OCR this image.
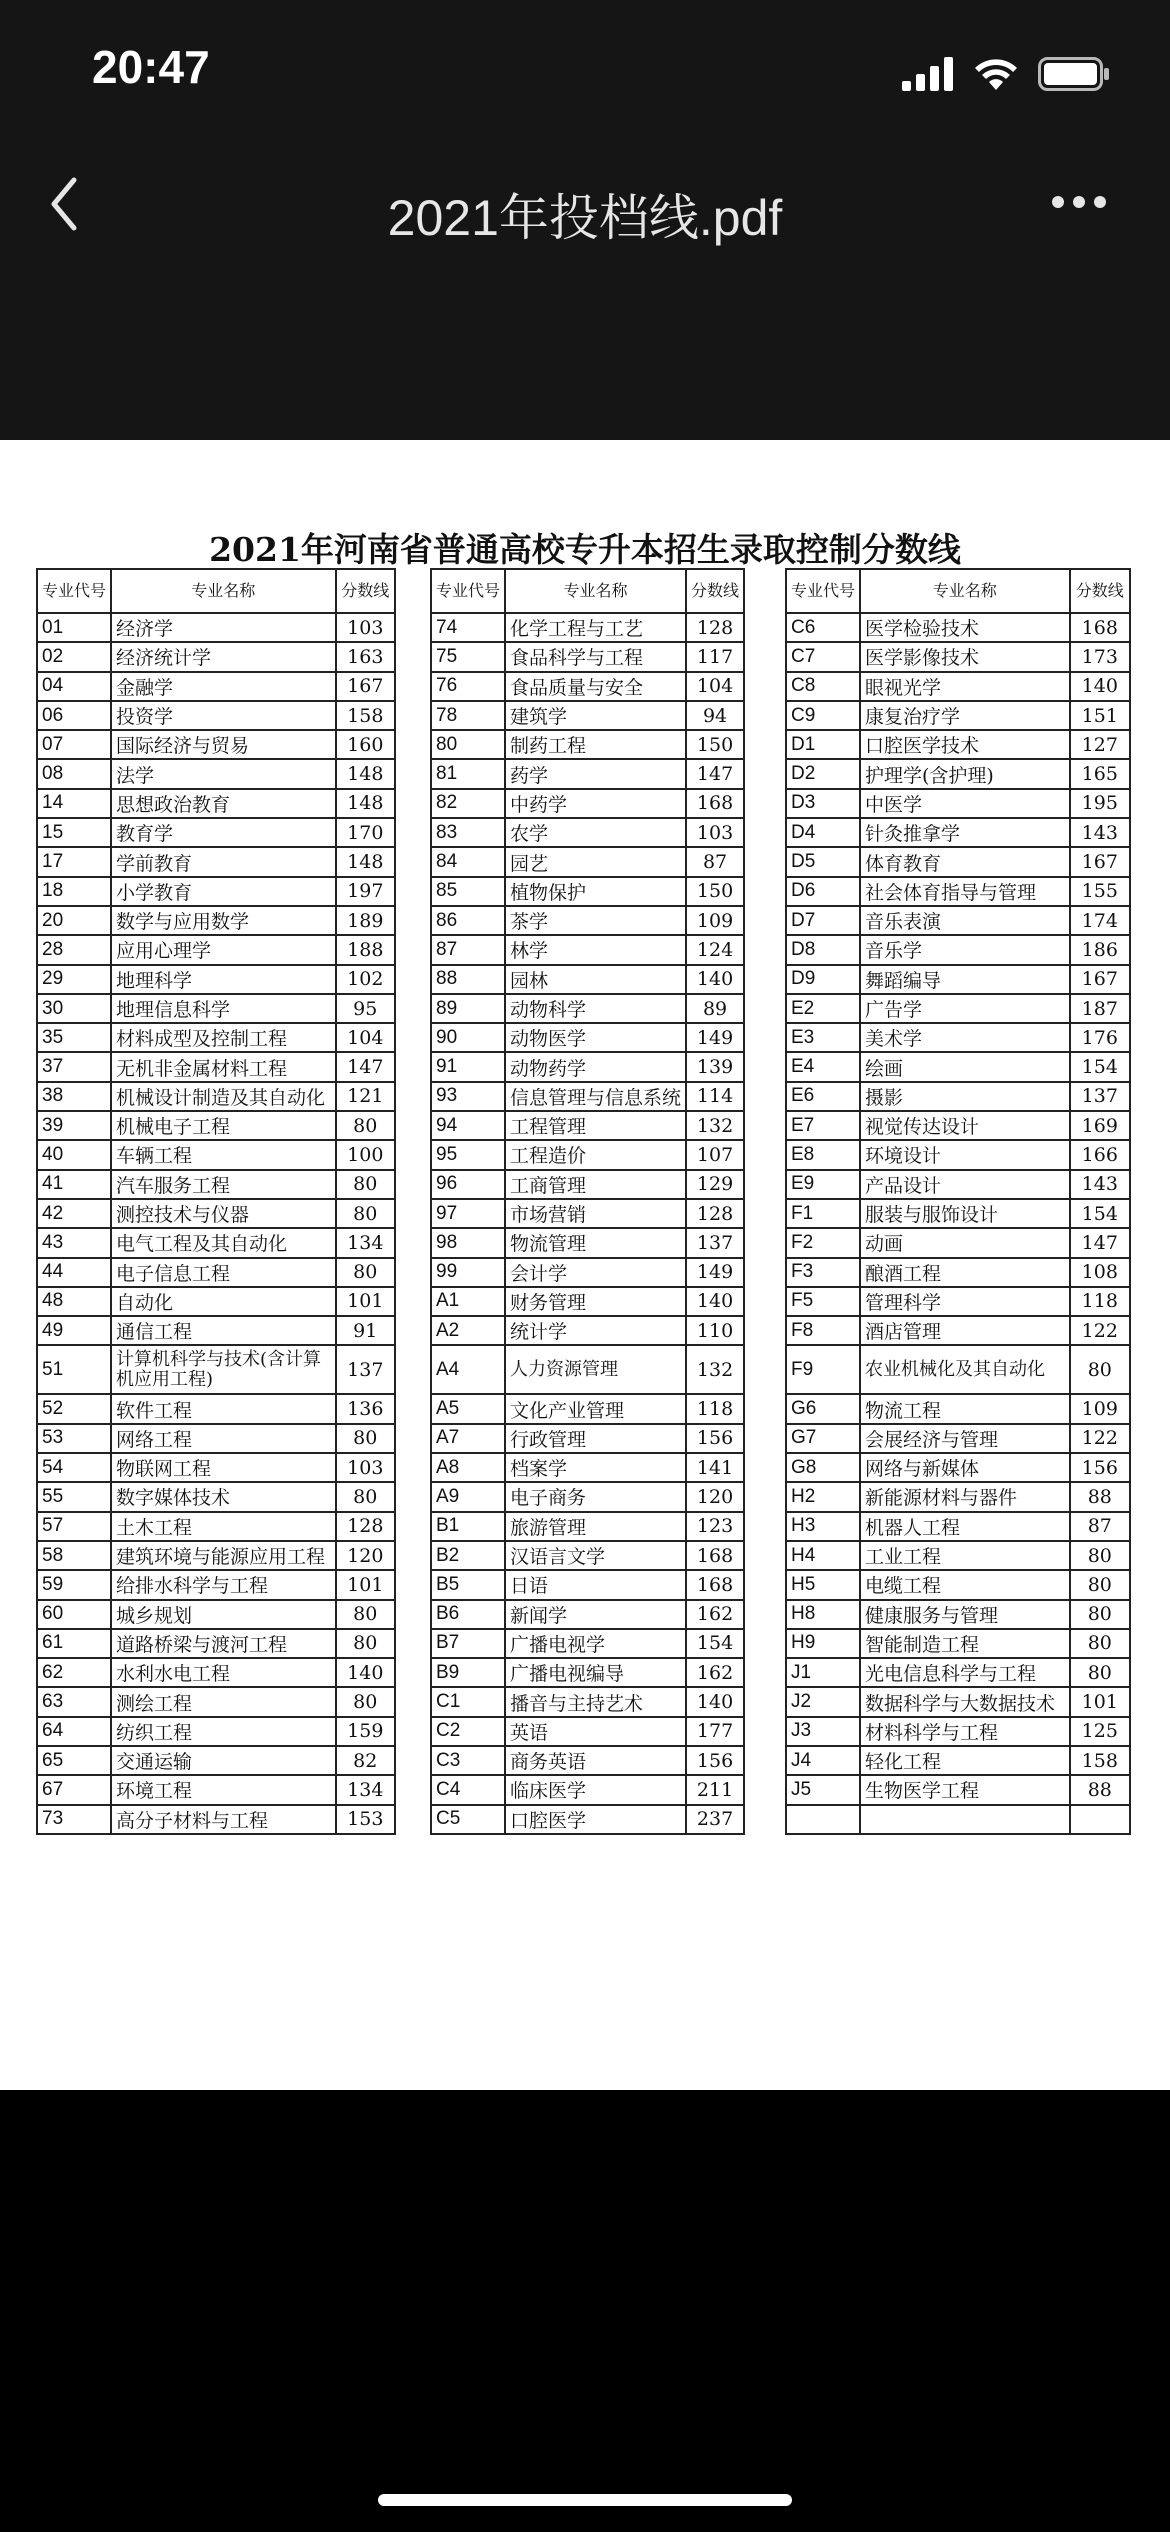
20:47
2021年投档线.pdf
2021年河南省普通高校专升本招生录取控制分数线
专业代号	专业名称	分数线
01	经济学	103
02	经济统计学	163
04	金融学	167
06	投资学	158
07	国际经济与贸易	160
08	法学	148
14	思想政治教育	148
15	教育学	170
17	学前教育	148
18	小学教育	197
20	数学与应用数学	189
28	应用心理学	188
29	地理科学	102
30	地理信息科学	95
35	材料成型及控制工程	104
37	无机非金属材料工程	147
38	机械设计制造及其自动化	121
39	机械电子工程	80
40	车辆工程	100
41	汽车服务工程	80
42	测控技术与仪器	80
43	电气工程及其自动化	134
44	电子信息工程	80
48	自动化	101
49	通信工程	91
51	计算机科学与技术(含计算机应用工程)	137
52	软件工程	136
53	网络工程	80
54	物联网工程	103
55	数字媒体技术	80
57	土木工程	128
58	建筑环境与能源应用工程	120
59	给排水科学与工程	101
60	城乡规划	80
61	道路桥梁与渡河工程	80
62	水利水电工程	140
63	测绘工程	80
64	纺织工程	159
65	交通运输	82
67	环境工程	134
73	高分子材料与工程	153
专业代号	专业名称	分数线
74	化学工程与工艺	128
75	食品科学与工程	117
76	食品质量与安全	104
78	建筑学	94
80	制药工程	150
81	药学	147
82	中药学	168
83	农学	103
84	园艺	87
85	植物保护	150
86	茶学	109
87	林学	124
88	园林	140
89	动物科学	89
90	动物医学	149
91	动物药学	139
93	信息管理与信息系统	114
94	工程管理	132
95	工程造价	107
96	工商管理	129
97	市场营销	128
98	物流管理	137
99	会计学	149
A1	财务管理	140
A2	统计学	110
A4	人力资源管理	132
A5	文化产业管理	118
A7	行政管理	156
A8	档案学	141
A9	电子商务	120
B1	旅游管理	123
B2	汉语言文学	168
B5	日语	168
B6	新闻学	162
B7	广播电视学	154
B9	广播电视编导	162
C1	播音与主持艺术	140
C2	英语	177
C3	商务英语	156
C4	临床医学	211
C5	口腔医学	237
专业代号	专业名称	分数线
C6	医学检验技术	168
C7	医学影像技术	173
C8	眼视光学	140
C9	康复治疗学	151
D1	口腔医学技术	127
D2	护理学(含护理)	165
D3	中医学	195
D4	针灸推拿学	143
D5	体育教育	167
D6	社会体育指导与管理	155
D7	音乐表演	174
D8	音乐学	186
D9	舞蹈编导	167
E2	广告学	187
E3	美术学	176
E4	绘画	154
E6	摄影	137
E7	视觉传达设计	169
E8	环境设计	166
E9	产品设计	143
F1	服装与服饰设计	154
F2	动画	147
F3	酿酒工程	108
F5	管理科学	118
F8	酒店管理	122
F9	农业机械化及其自动化	80
G6	物流工程	109
G7	会展经济与管理	122
G8	网络与新媒体	156
H2	新能源材料与器件	88
H3	机器人工程	87
H4	工业工程	80
H5	电缆工程	80
H8	健康服务与管理	80
H9	智能制造工程	80
J1	光电信息科学与工程	80
J2	数据科学与大数据技术	101
J3	材料科学与工程	125
J4	轻化工程	158
J5	生物医学工程	88
